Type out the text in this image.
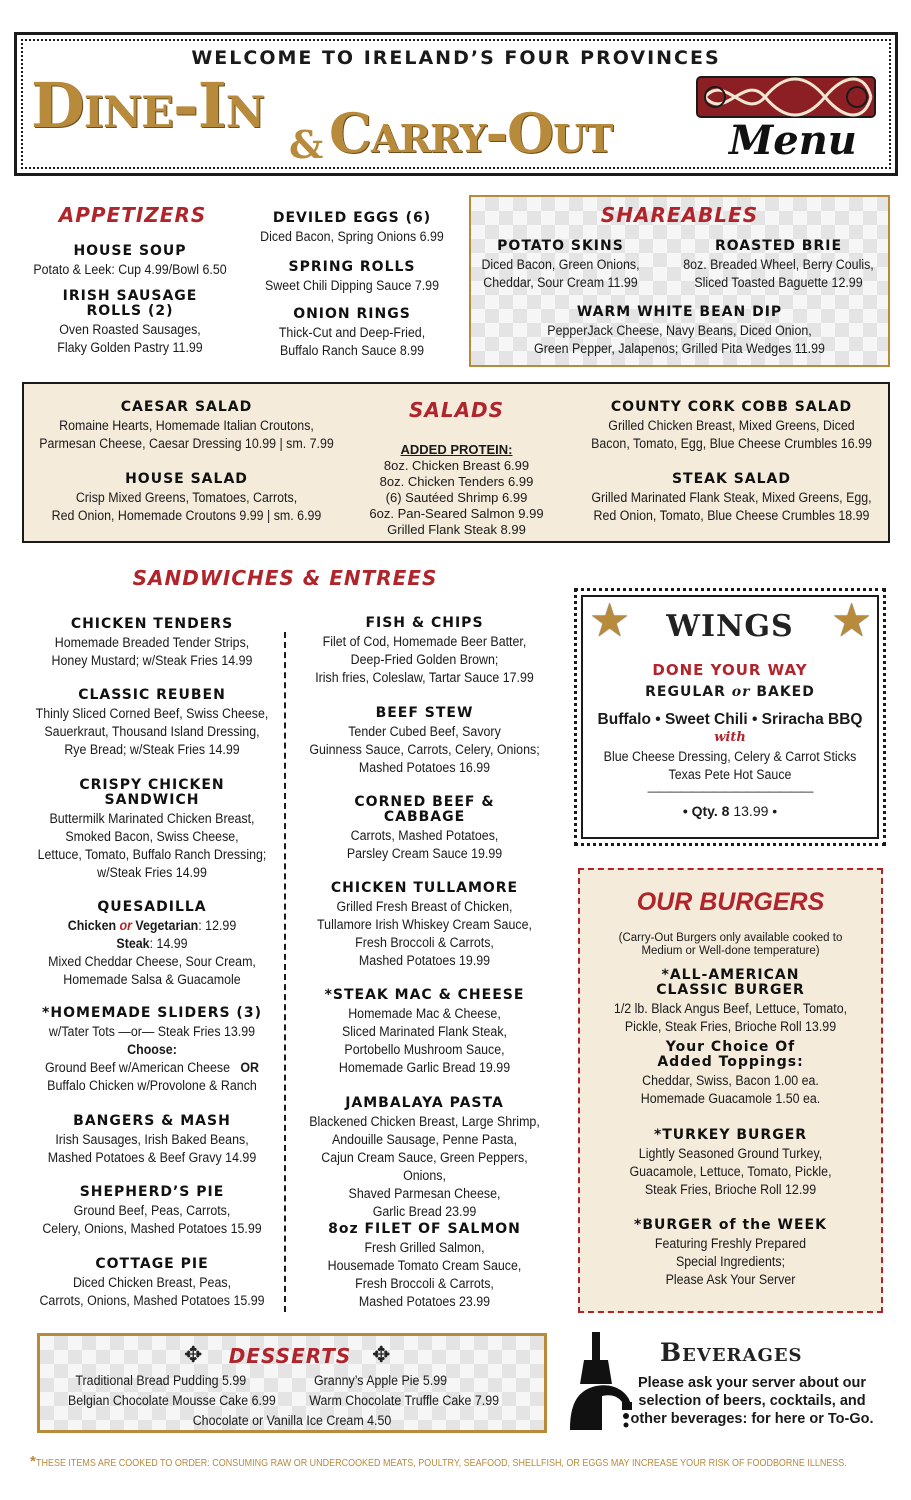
WELCOME TO IRELAND’S FOUR PROVINCES
Dine-In
& Carry-Out	Menu
APPETIZERS
HOUSE SOUP
Potato & Leek: Cup 4.99/Bowl 6.50
IRISH SAUSAGE
ROLLS (2)
Oven Roasted Sausages,
Flaky Golden Pastry 11.99
DEVILED EGGS (6)
Diced Bacon, Spring Onions 6.99
SPRING ROLLS
Sweet Chili Dipping Sauce 7.99
ONION RINGS
Thick-Cut and Deep-Fried,
Buffalo Ranch Sauce 8.99
SHAREABLES
POTATO SKINS
Diced Bacon, Green Onions,
Cheddar, Sour Cream 11.99
ROASTED BRIE
8oz. Breaded Wheel, Berry Coulis,
Sliced Toasted Baguette 12.99
WARM WHITE BEAN DIP
PepperJack Cheese, Navy Beans, Diced Onion,
Green Pepper, Jalapenos; Grilled Pita Wedges 11.99
CAESAR SALAD
Romaine Hearts, Homemade Italian Croutons,
Parmesan Cheese, Caesar Dressing 10.99 | sm. 7.99
HOUSE SALAD
Crisp Mixed Greens, Tomatoes, Carrots,
Red Onion, Homemade Croutons 9.99 | sm. 6.99
SALADS
ADDED PROTEIN:
8oz. Chicken Breast 6.99
8oz. Chicken Tenders 6.99
(6) Sautéed Shrimp 6.99
6oz. Pan-Seared Salmon 9.99
Grilled Flank Steak 8.99
COUNTY CORK COBB SALAD
Grilled Chicken Breast, Mixed Greens, Diced
Bacon, Tomato, Egg, Blue Cheese Crumbles 16.99
STEAK SALAD
Grilled Marinated Flank Steak, Mixed Greens, Egg,
Red Onion, Tomato, Blue Cheese Crumbles 18.99
SANDWICHES & ENTREES
CHICKEN TENDERS
Homemade Breaded Tender Strips,
Honey Mustard; w/Steak Fries 14.99
CLASSIC REUBEN
Thinly Sliced Corned Beef, Swiss Cheese,
Sauerkraut, Thousand Island Dressing,
Rye Bread; w/Steak Fries 14.99
CRISPY CHICKEN
SANDWICH
Buttermilk Marinated Chicken Breast,
Smoked Bacon, Swiss Cheese,
Lettuce, Tomato, Buffalo Ranch Dressing;
w/Steak Fries 14.99
QUESADILLA
Chicken or Vegetarian: 12.99
Steak: 14.99
Mixed Cheddar Cheese, Sour Cream,
Homemade Salsa & Guacamole
*HOMEMADE SLIDERS (3)
w/Tater Tots —or— Steak Fries 13.99
Choose:
Ground Beef w/American Cheese OR
Buffalo Chicken w/Provolone & Ranch
BANGERS & MASH
Irish Sausages, Irish Baked Beans,
Mashed Potatoes & Beef Gravy 14.99
SHEPHERD’S PIE
Ground Beef, Peas, Carrots,
Celery, Onions, Mashed Potatoes 15.99
COTTAGE PIE
Diced Chicken Breast, Peas,
Carrots, Onions, Mashed Potatoes 15.99
FISH & CHIPS
Filet of Cod, Homemade Beer Batter,
Deep-Fried Golden Brown;
Irish fries, Coleslaw, Tartar Sauce 17.99
BEEF STEW
Tender Cubed Beef, Savory
Guinness Sauce, Carrots, Celery, Onions;
Mashed Potatoes 16.99
CORNED BEEF &
CABBAGE
Carrots, Mashed Potatoes,
Parsley Cream Sauce 19.99
CHICKEN TULLAMORE
Grilled Fresh Breast of Chicken,
Tullamore Irish Whiskey Cream Sauce,
Fresh Broccoli & Carrots,
Mashed Potatoes 19.99
*STEAK MAC & CHEESE
Homemade Mac & Cheese,
Sliced Marinated Flank Steak,
Portobello Mushroom Sauce,
Homemade Garlic Bread 19.99
JAMBALAYA PASTA
Blackened Chicken Breast, Large Shrimp,
Andouille Sausage, Penne Pasta,
Cajun Cream Sauce, Green Peppers, Onions,
Shaved Parmesan Cheese,
Garlic Bread 23.99
8oz FILET OF SALMON
Fresh Grilled Salmon,
Housemade Tomato Cream Sauce,
Fresh Broccoli & Carrots,
Mashed Potatoes 23.99
★	★
WINGS
DONE YOUR WAY
REGULAR or BAKED
Buffalo • Sweet Chili • Sriracha BBQ
with
Blue Cheese Dressing, Celery & Carrot Sticks
Texas Pete Hot Sauce
———————————————
• Qty. 8 13.99 •
OUR BURGERS
(Carry-Out Burgers only available cooked to
Medium or Well-done temperature)
*ALL-AMERICAN
CLASSIC BURGER
1/2 lb. Black Angus Beef, Lettuce, Tomato,
Pickle, Steak Fries, Brioche Roll 13.99
Your Choice Of
Added Toppings:
Cheddar, Swiss, Bacon 1.00 ea.
Homemade Guacamole 1.50 ea.
*TURKEY BURGER
Lightly Seasoned Ground Turkey,
Guacamole, Lettuce, Tomato, Pickle,
Steak Fries, Brioche Roll 12.99
*BURGER of the WEEK
Featuring Freshly Prepared
Special Ingredients;
Please Ask Your Server
✥	DESSERTS ✥
Traditional Bread Pudding 5.99	Granny’s Apple Pie 5.99
Belgian Chocolate Mousse Cake 6.99	Warm Chocolate Truffle Cake 7.99
Chocolate or Vanilla Ice Cream 4.50
Beverages
Please ask your server about our
selection of beers, cocktails, and
other beverages: for here or To-Go.
*THESE ITEMS ARE COOKED TO ORDER: CONSUMING RAW OR UNDERCOOKED MEATS, POULTRY, SEAFOOD, SHELLFISH, OR EGGS MAY INCREASE YOUR RISK OF FOODBORNE ILLNESS.
